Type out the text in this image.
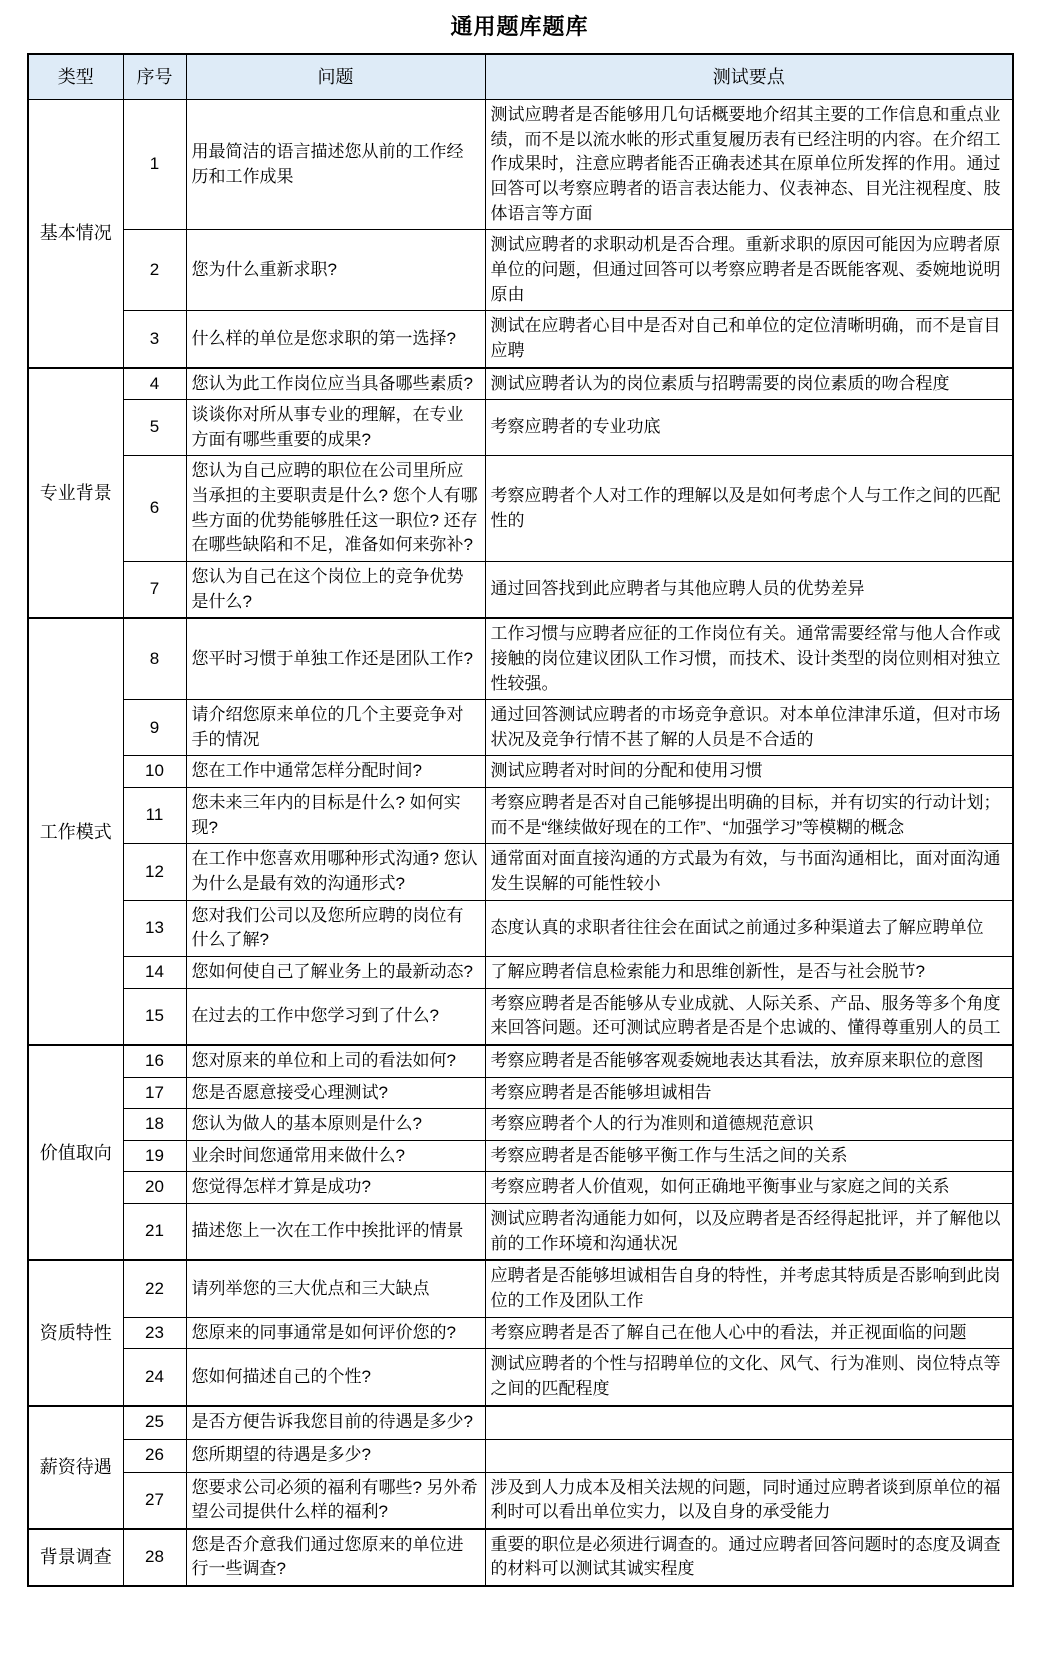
通用题库题库
类型	序号	问题	测试要点
基本情况	1	用最简洁的语言描述您从前的工作经历和工作成果	测试应聘者是否能够用几句话概要地介绍其主要的工作信息和重点业绩，而不是以流水帐的形式重复履历表有已经注明的内容。在介绍工作成果时，注意应聘者能否正确表述其在原单位所发挥的作用。通过回答可以考察应聘者的语言表达能力、仪表神态、目光注视程度、肢体语言等方面
	2	您为什么重新求职?	测试应聘者的求职动机是否合理。重新求职的原因可能因为应聘者原单位的问题，但通过回答可以考察应聘者是否既能客观、委婉地说明原由
	3	什么样的单位是您求职的第一选择?	测试在应聘者心目中是否对自己和单位的定位清晰明确，而不是盲目应聘
专业背景	4	您认为此工作岗位应当具备哪些素质?	测试应聘者认为的岗位素质与招聘需要的岗位素质的吻合程度
	5	谈谈你对所从事专业的理解，在专业方面有哪些重要的成果?	考察应聘者的专业功底
	6	您认为自己应聘的职位在公司里所应当承担的主要职责是什么? 您个人有哪些方面的优势能够胜任这一职位? 还存在哪些缺陷和不足，准备如何来弥补?	考察应聘者个人对工作的理解以及是如何考虑个人与工作之间的匹配性的
	7	您认为自己在这个岗位上的竞争优势是什么?	通过回答找到此应聘者与其他应聘人员的优势差异
工作模式	8	您平时习惯于单独工作还是团队工作?	工作习惯与应聘者应征的工作岗位有关。通常需要经常与他人合作或接触的岗位建议团队工作习惯，而技术、设计类型的岗位则相对独立性较强。
	9	请介绍您原来单位的几个主要竞争对手的情况	通过回答测试应聘者的市场竞争意识。对本单位津津乐道，但对市场状况及竞争行情不甚了解的人员是不合适的
	10	您在工作中通常怎样分配时间?	测试应聘者对时间的分配和使用习惯
	11	您未来三年内的目标是什么? 如何实现?	考察应聘者是否对自己能够提出明确的目标，并有切实的行动计划；而不是“继续做好现在的工作”、“加强学习”等模糊的概念
	12	在工作中您喜欢用哪种形式沟通? 您认为什么是最有效的沟通形式?	通常面对面直接沟通的方式最为有效，与书面沟通相比，面对面沟通发生误解的可能性较小
	13	您对我们公司以及您所应聘的岗位有什么了解?	态度认真的求职者往往会在面试之前通过多种渠道去了解应聘单位
	14	您如何使自己了解业务上的最新动态?	了解应聘者信息检索能力和思维创新性，是否与社会脱节?
	15	在过去的工作中您学习到了什么?	考察应聘者是否能够从专业成就、人际关系、产品、服务等多个角度来回答问题。还可测试应聘者是否是个忠诚的、懂得尊重别人的员工
价值取向	16	您对原来的单位和上司的看法如何?	考察应聘者是否能够客观委婉地表达其看法，放弃原来职位的意图
	17	您是否愿意接受心理测试?	考察应聘者是否能够坦诚相告
	18	您认为做人的基本原则是什么?	考察应聘者个人的行为准则和道德规范意识
	19	业余时间您通常用来做什么?	考察应聘者是否能够平衡工作与生活之间的关系
	20	您觉得怎样才算是成功?	考察应聘者人价值观，如何正确地平衡事业与家庭之间的关系
	21	描述您上一次在工作中挨批评的情景	测试应聘者沟通能力如何，以及应聘者是否经得起批评，并了解他以前的工作环境和沟通状况
资质特性	22	请列举您的三大优点和三大缺点	应聘者是否能够坦诚相告自身的特性，并考虑其特质是否影响到此岗位的工作及团队工作
	23	您原来的同事通常是如何评价您的?	考察应聘者是否了解自己在他人心中的看法，并正视面临的问题
	24	您如何描述自己的个性?	测试应聘者的个性与招聘单位的文化、风气、行为准则、岗位特点等之间的匹配程度
薪资待遇	25	是否方便告诉我您目前的待遇是多少?	
	26	您所期望的待遇是多少?	
	27	您要求公司必须的福利有哪些? 另外希望公司提供什么样的福利?	涉及到人力成本及相关法规的问题，同时通过应聘者谈到原单位的福利时可以看出单位实力，以及自身的承受能力
背景调查	28	您是否介意我们通过您原来的单位进行一些调查?	重要的职位是必须进行调查的。通过应聘者回答问题时的态度及调查的材料可以测试其诚实程度
